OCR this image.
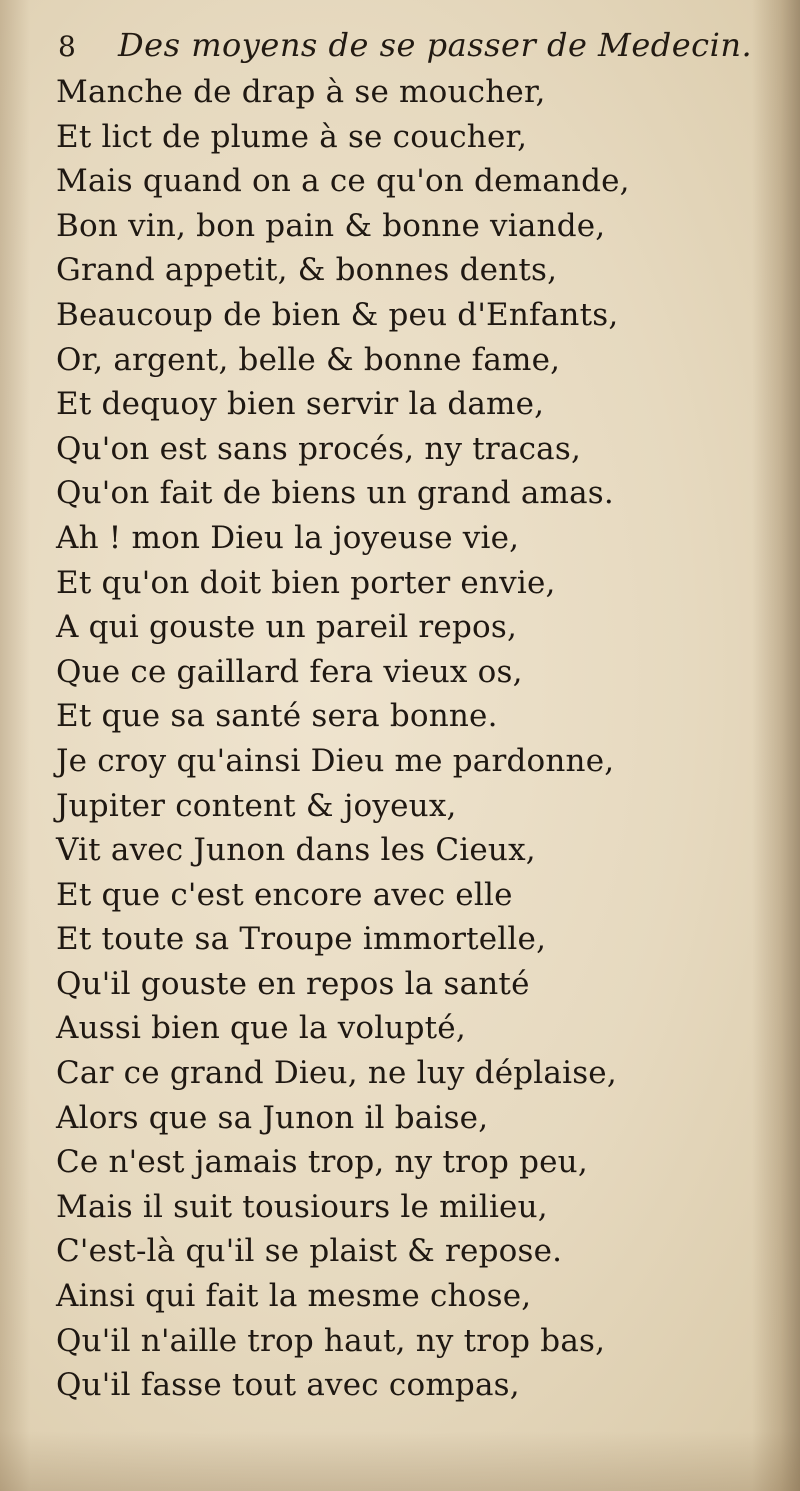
8 Des moyens de se passer de Medecin.
Manche de drap à se moucher,
Et lict de plume à se coucher,
Mais quand on a ce qu'on demande,
Bon vin, bon pain & bonne viande,
Grand appetit, & bonnes dents,
Beaucoup de bien & peu d'Enfants,
Or, argent, belle & bonne fame,
Et dequoy bien servir la dame,
Qu'on est sans procés, ny tracas,
Qu'on fait de biens un grand amas.
Ah ! mon Dieu la joyeuse vie,
Et qu'on doit bien porter envie,
A qui gouste un pareil repos,
Que ce gaillard fera vieux os,
Et que sa santé sera bonne.
Je croy qu'ainsi Dieu me pardonne,
Jupiter content & joyeux,
Vit avec Junon dans les Cieux,
Et que c'est encore avec elle
Et toute sa Troupe immortelle,
Qu'il gouste en repos la santé
Aussi bien que la volupté,
Car ce grand Dieu, ne luy déplaise,
Alors que sa Junon il baise,
Ce n'est jamais trop, ny trop peu,
Mais il suit tousiours le milieu,
C'est-là qu'il se plaist & repose.
Ainsi qui fait la mesme chose,
Qu'il n'aille trop haut, ny trop bas,
Qu'il fasse tout avec compas,
